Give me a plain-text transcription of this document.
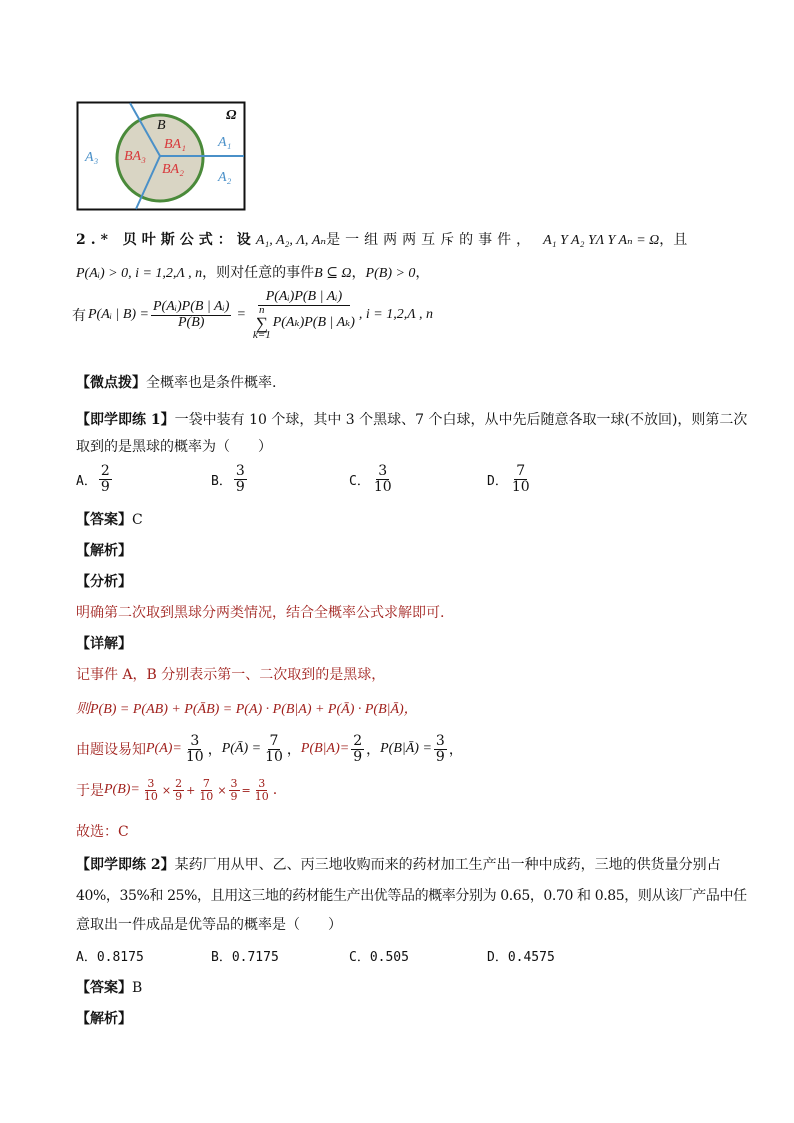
Ω
B
A₁
A₂
A₃
BA₁
BA₂
BA₃
2.* 贝叶斯公式：设A₁, A₂, Λ, Aₙ是一组两两互斥的事件， A₁ Y A₂ YΛ Y Aₙ = Ω，且
P(Aᵢ) > 0, i = 1,2,Λ , n，则对任意的事件B ⊆ Ω，P(B) > 0，
有 P(Aᵢ | $B) = \frac{\text{P(Aᵢ)P(B | Aᵢ)}}{P(B)}$ = P(Aᵢ)P(B | Aᵢ)
n
∑
k=1
P(Aₖ)P(B | Aₖ) , i = 1,2,Λ , n
【微点拨】全概率也是条件概率.
【即学即练 1】一袋中装有 10 个球，其中 3 个黑球、7 个白球，从中先后随意各取一球(不放回)，则第二次
取到的是黑球的概率为（　　）
A． $\frac{2}{9}$	B． $\frac{3}{9}$	C． $\frac{3}{10}$	D． $\frac{7}{10}$
【答案】C
【解析】
【分析】
明确第二次取到黑球分两类情况，结合全概率公式求解即可.
【详解】
记事件 A，B 分别表示第一、二次取到的是黑球，
则P(B) = P(AB) + P(ĀB) = P(A) · P(B|A) + P(Ā) · P(B|Ā)，
由题设易知 $P(A)= \frac{3}{10}$ ， P(Ā) = $\frac{7}{10}$ ， $P(B|A)= \frac{2}{9}$ ， P(B|Ā) = $\frac{3}{9}$ ，
于是 $P(B)= \frac{3}{10} \times \frac{2}{9} + \frac{7}{10} \times \frac{3}{9} = \frac{3}{10}$ .
故选：C
【即学即练 2】某药厂用从甲、乙、丙三地收购而来的药材加工生产出一种中成药，三地的供货量分别占
40%，35%和 25%，且用这三地的药材能生产出优等品的概率分别为 0.65，0.70 和 0.85，则从该厂产品中任
意取出一件成品是优等品的概率是（　　）
A．0.8175	B．0.7175	C．0.505	D．0.4575
【答案】B
【解析】
